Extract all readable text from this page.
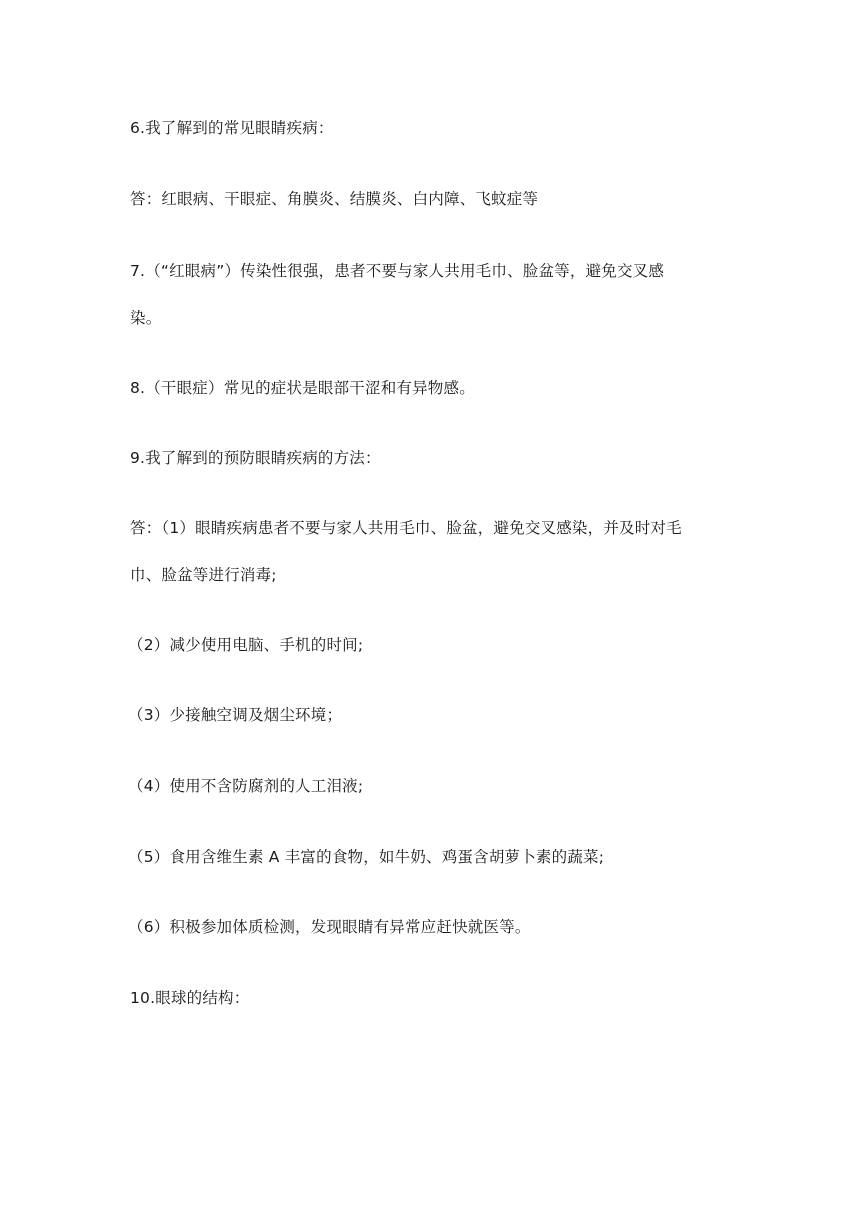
6.我了解到的常见眼睛疾病：
答：红眼病、干眼症、角膜炎、结膜炎、白内障、飞蚊症等
7.（“红眼病”）传染性很强，患者不要与家人共用毛巾、脸盆等，避免交叉感
染。
8.（干眼症）常见的症状是眼部干涩和有异物感。
9.我了解到的预防眼睛疾病的方法：
答：（1）眼睛疾病患者不要与家人共用毛巾、脸盆，避免交叉感染，并及时对毛
巾、脸盆等进行消毒;
（2）减少使用电脑、手机的时间;
（3）少接触空调及烟尘环境；
（4）使用不含防腐剂的人工泪液;
（5）食用含维生素 A 丰富的食物，如牛奶、鸡蛋含胡萝卜素的蔬菜;
（6）积极参加体质检测，发现眼睛有异常应赶快就医等。
10.眼球的结构：
